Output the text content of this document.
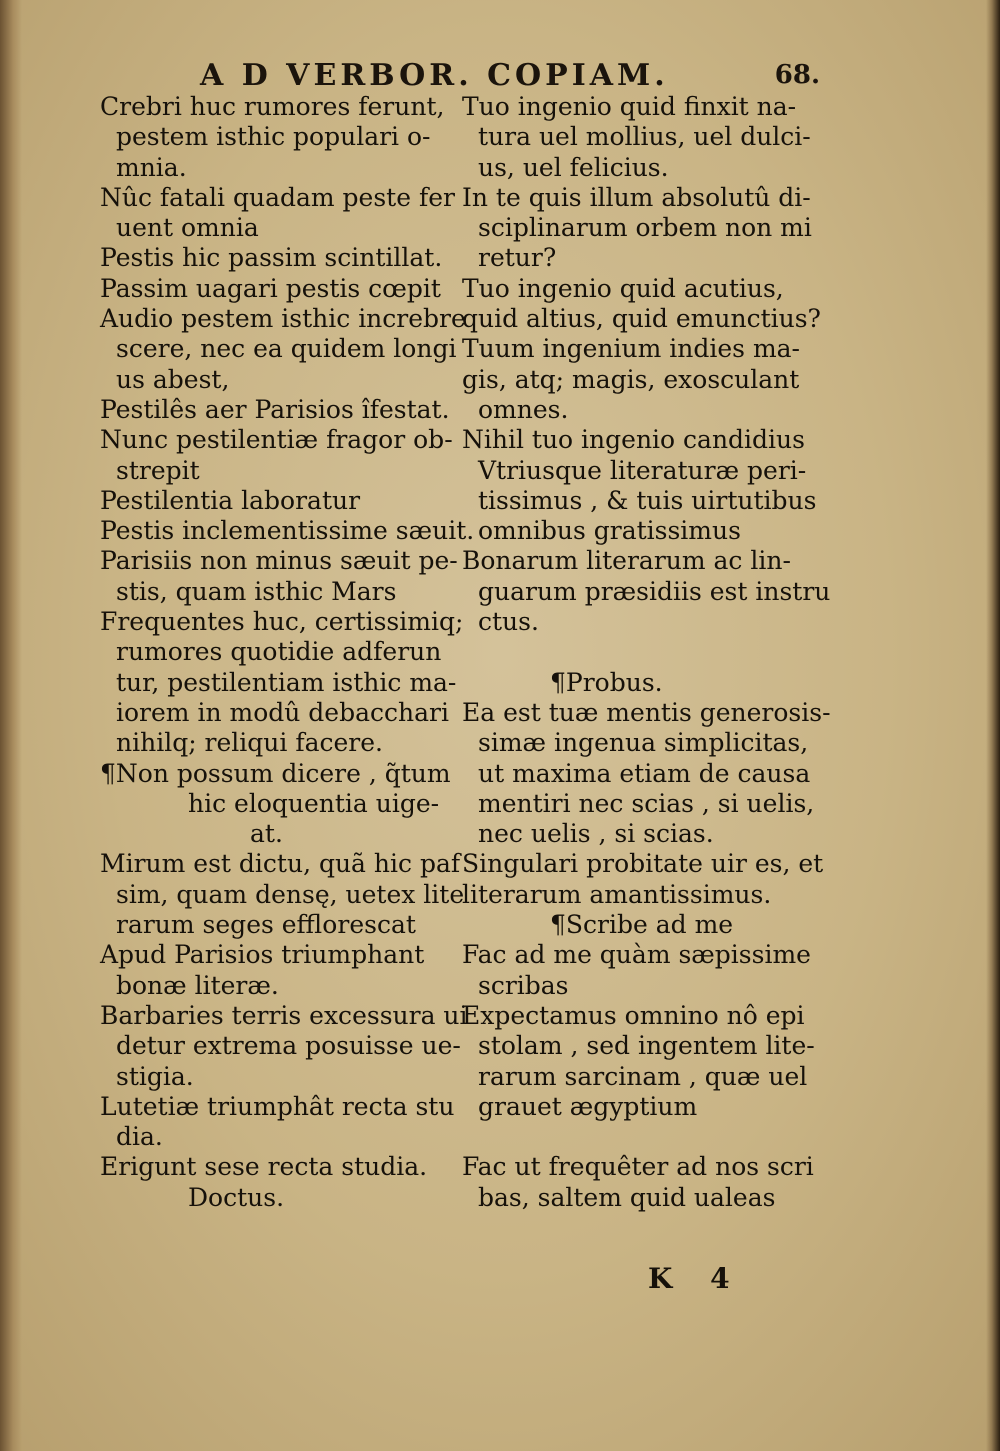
A D VERBOR. COPIAM.	68.
Crebri huc rumores ferunt,
pestem isthic populari o-
mnia.
Nûc fatali quadam peste fer
uent omnia
Pestis hic passim scintillat.
Passim uagari pestis cœpit
Audio pestem isthic increbre
scere, nec ea quidem longi
us abest,
Pestilês aer Parisios îfestat.
Nunc pestilentiæ fragor ob-
strepit
Pestilentia laboratur
Pestis inclementissime sæuit.
Parisiis non minus sæuit pe-
stis, quam isthic Mars
Frequentes huc, certissimiq;
rumores quotidie adferun
tur, pestilentiam isthic ma-
iorem in modû debacchari
nihilq; reliqui facere.
¶Non possum dicere , q̃tum
hic eloquentia uige-
at.
Mirum est dictu, quã hic paf
sim, quam densę, uetex lite
rarum seges efflorescat
Apud Parisios triumphant
bonæ literæ.
Barbaries terris excessura ui
detur extrema posuisse ue-
stigia.
Lutetiæ triumphât recta stu
dia.
Erigunt sese recta studia.
Doctus.
Tuo ingenio quid finxit na-
tura uel mollius, uel dulci-
us, uel felicius.
In te quis illum absolutû di-
sciplinarum orbem non mi
retur?
Tuo ingenio quid acutius,
quid altius, quid emunctius?
Tuum ingenium indies ma-
gis, atq; magis, exosculant
omnes.
Nihil tuo ingenio candidius
Vtriusque literaturæ peri-
tissimus , & tuis uirtutibus
omnibus gratissimus
Bonarum literarum ac lin-
guarum præsidiis est instru
ctus.
¶Probus.
Ea est tuæ mentis generosis-
simæ ingenua simplicitas,
ut maxima etiam de causa
mentiri nec scias , si uelis,
nec uelis , si scias.
Singulari probitate uir es, et
literarum amantissimus.
¶Scribe ad me
Fac ad me quàm sæpissime
scribas
Expectamus omnino nô epi
stolam , sed ingentem lite-
rarum sarcinam , quæ uel
grauet ægyptium
Fac ut frequêter ad nos scri
bas, saltem quid ualeas
K 4
